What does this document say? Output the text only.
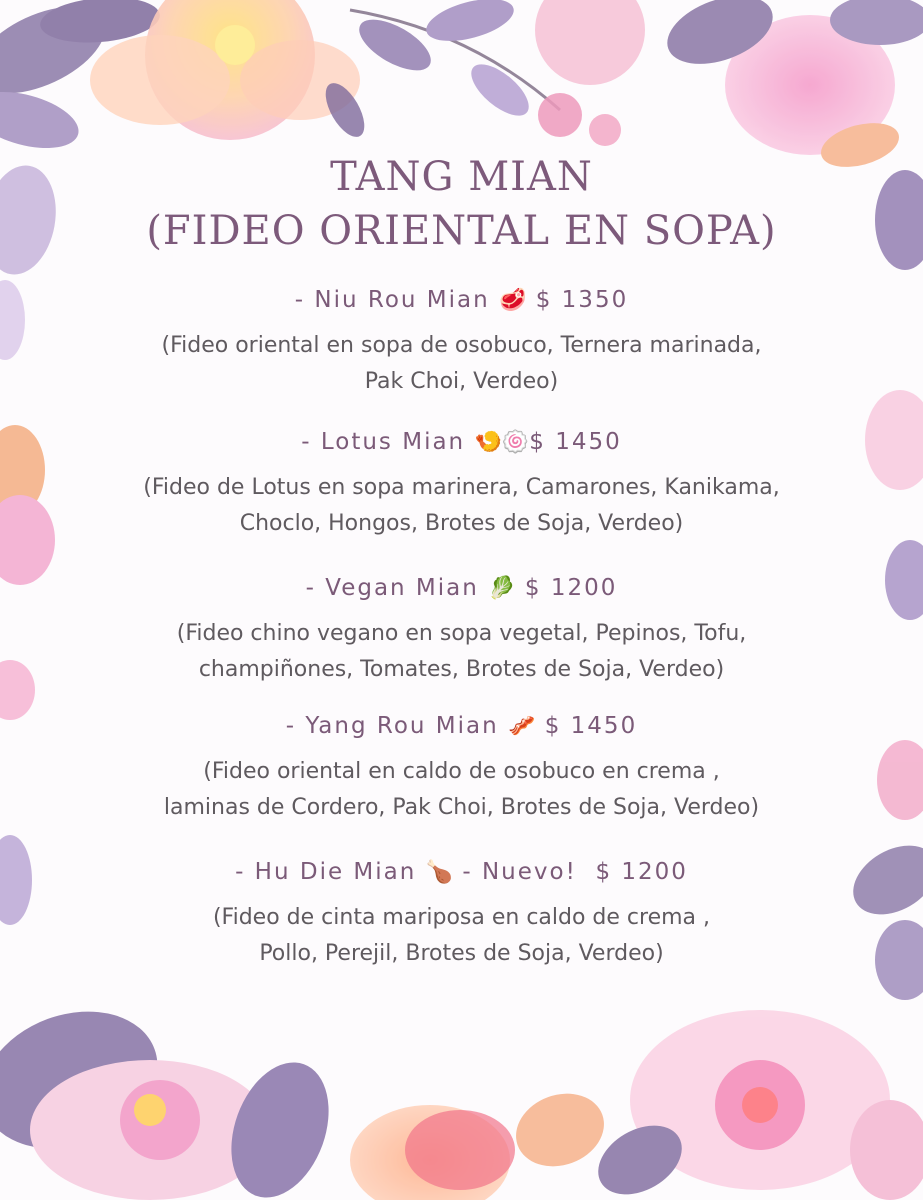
TANG MIAN
(FIDEO ORIENTAL EN SOPA)
- Niu Rou Mian 🥩 $ 1350
(Fideo oriental en sopa de osobuco, Ternera marinada,
Pak Choi, Verdeo)
- Lotus Mian 🍤🍥$ 1450
(Fideo de Lotus en sopa marinera, Camarones, Kanikama,
Choclo, Hongos, Brotes de Soja, Verdeo)
- Vegan Mian 🥬 $ 1200
(Fideo chino vegano en sopa vegetal, Pepinos, Tofu,
champiñones, Tomates, Brotes de Soja, Verdeo)
- Yang Rou Mian 🥓 $ 1450
(Fideo oriental en caldo de osobuco en crema ,
laminas de Cordero, Pak Choi, Brotes de Soja, Verdeo)
- Hu Die Mian 🍗 - Nuevo! $ 1200
(Fideo de cinta mariposa en caldo de crema ,
Pollo, Perejil, Brotes de Soja, Verdeo)
